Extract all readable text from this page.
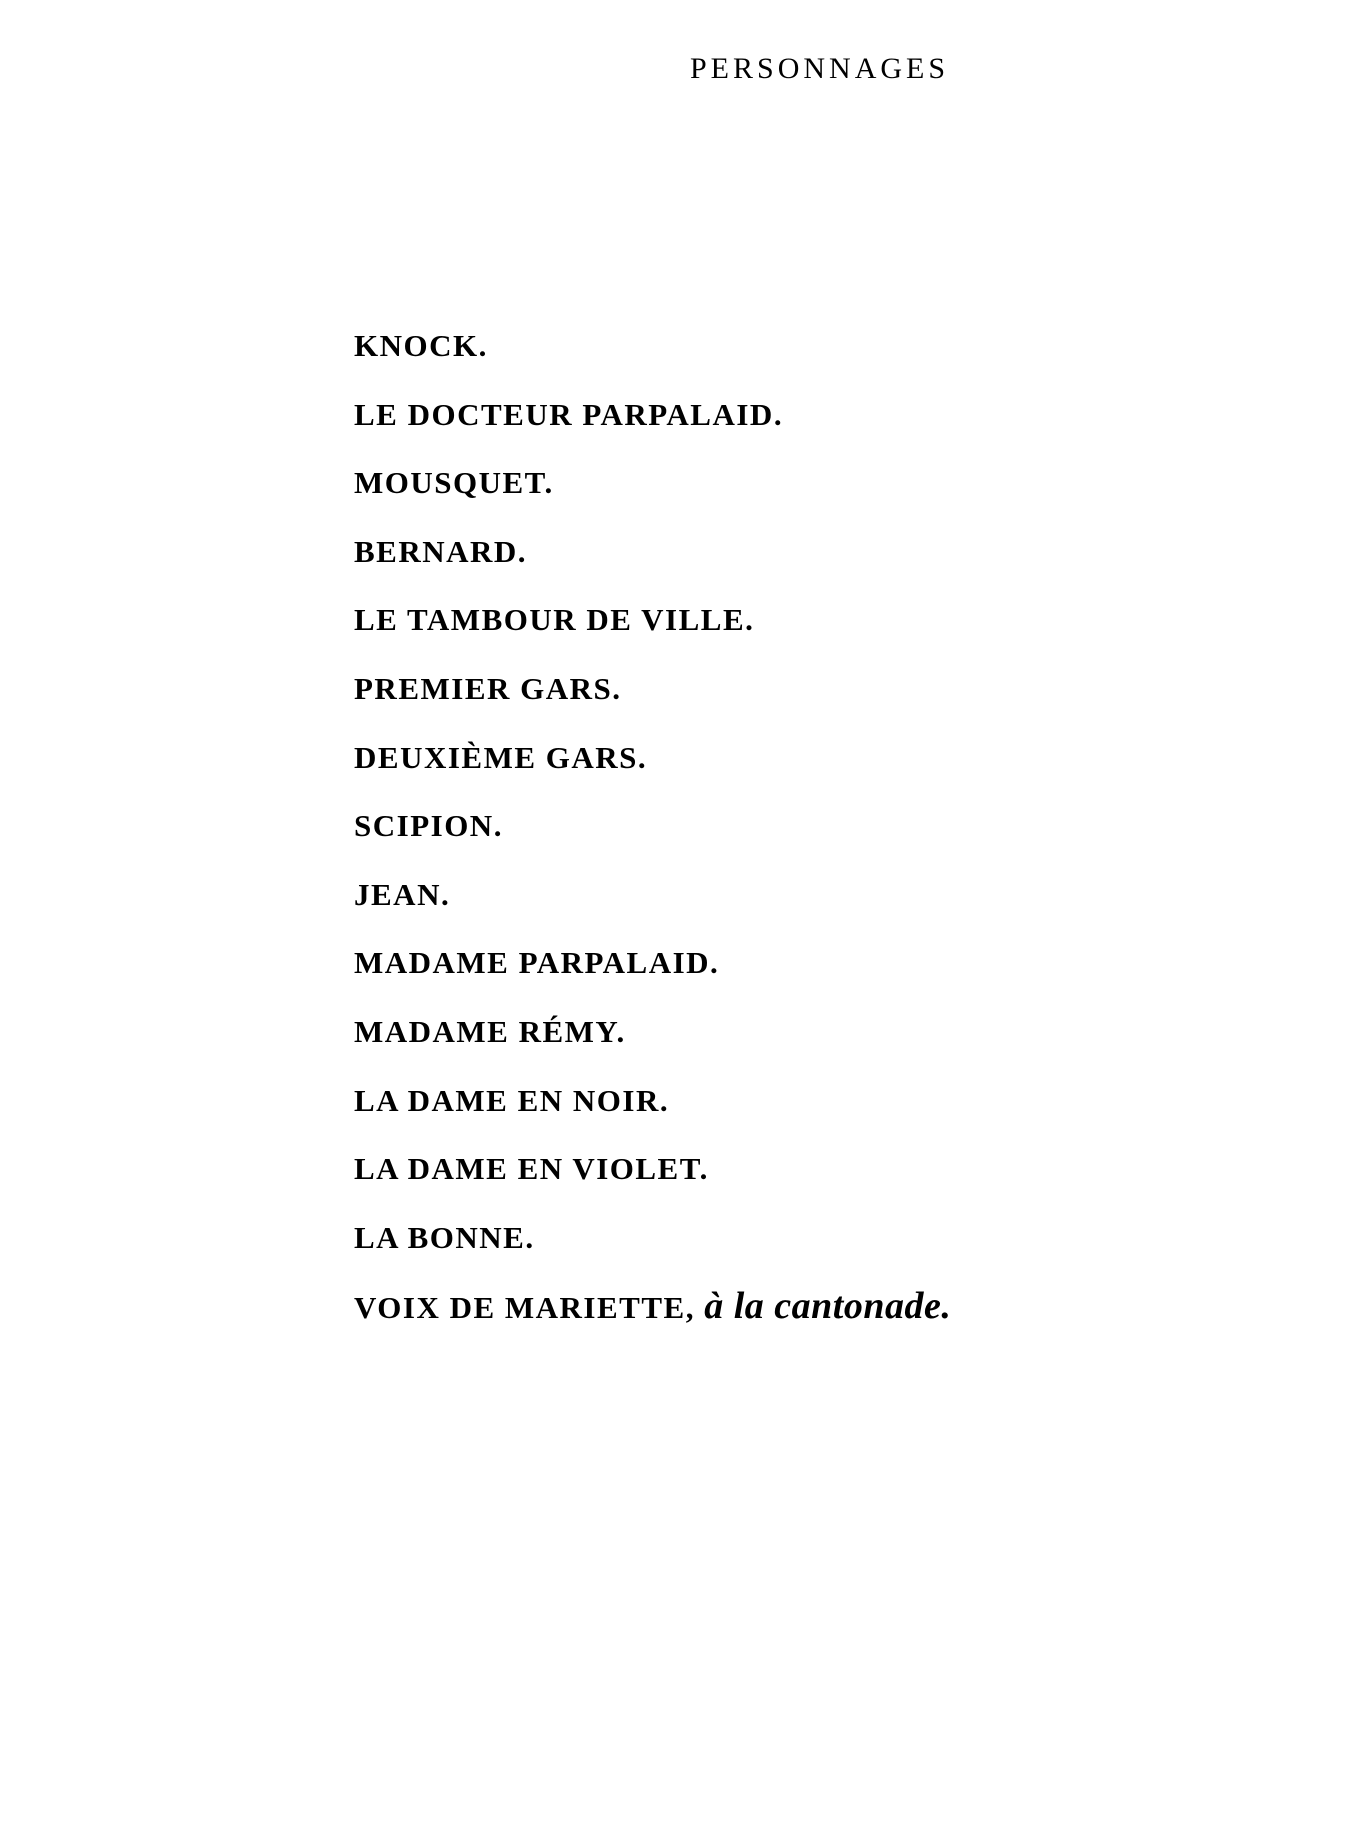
PERSONNAGES
KNOCK.
LE DOCTEUR PARPALAID.
MOUSQUET.
BERNARD.
LE TAMBOUR DE VILLE.
PREMIER GARS.
DEUXIÈME GARS.
SCIPION.
JEAN.
MADAME PARPALAID.
MADAME RÉMY.
LA DAME EN NOIR.
LA DAME EN VIOLET.
LA BONNE.
VOIX DE MARIETTE, à la cantonade.
